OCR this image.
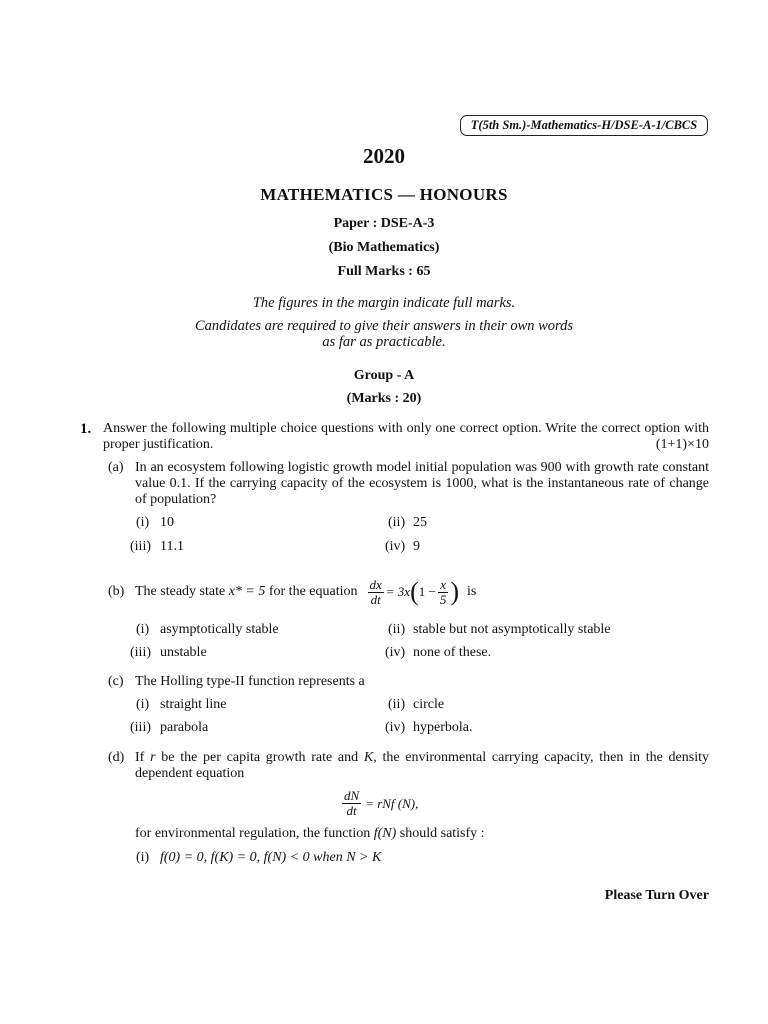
T(5th Sm.)-Mathematics-H/DSE-A-1/CBCS
2020
MATHEMATICS — HONOURS
Paper : DSE-A-3
(Bio Mathematics)
Full Marks : 65
The figures in the margin indicate full marks.
Candidates are required to give their answers in their own words
as far as practicable.
Group - A
(Marks : 20)
1. Answer the following multiple choice questions with only one correct option. Write the correct option with proper justification.	(1+1)×10
(a) In an ecosystem following logistic growth model initial population was 900 with growth rate constant value 0.1. If the carrying capacity of the ecosystem is 1000, what is the instantaneous rate of change of population?
(i) 10	(ii) 25
(iii) 11.1	(iv) 9
(b) The steady state x* = 5 for the equation $\frac{dx}{dt} = 3x$ ( $1 - \frac{x}{5}$ ) is
(i) asymptotically stable	(ii) stable but not asymptotically stable
(iii) unstable	(iv) none of these.
(c) The Holling type-II function represents a
(i) straight line	(ii) circle
(iii) parabola	(iv) hyperbola.
(d) If r be the per capita growth rate and K, the environmental carrying capacity, then in the density dependent equation
$\frac{dN}{dt}$ = rNf (N),
for environmental regulation, the function f(N) should satisfy :
(i) f(0) = 0, f(K) = 0, f(N) < 0 when N > K
Please Turn Over
